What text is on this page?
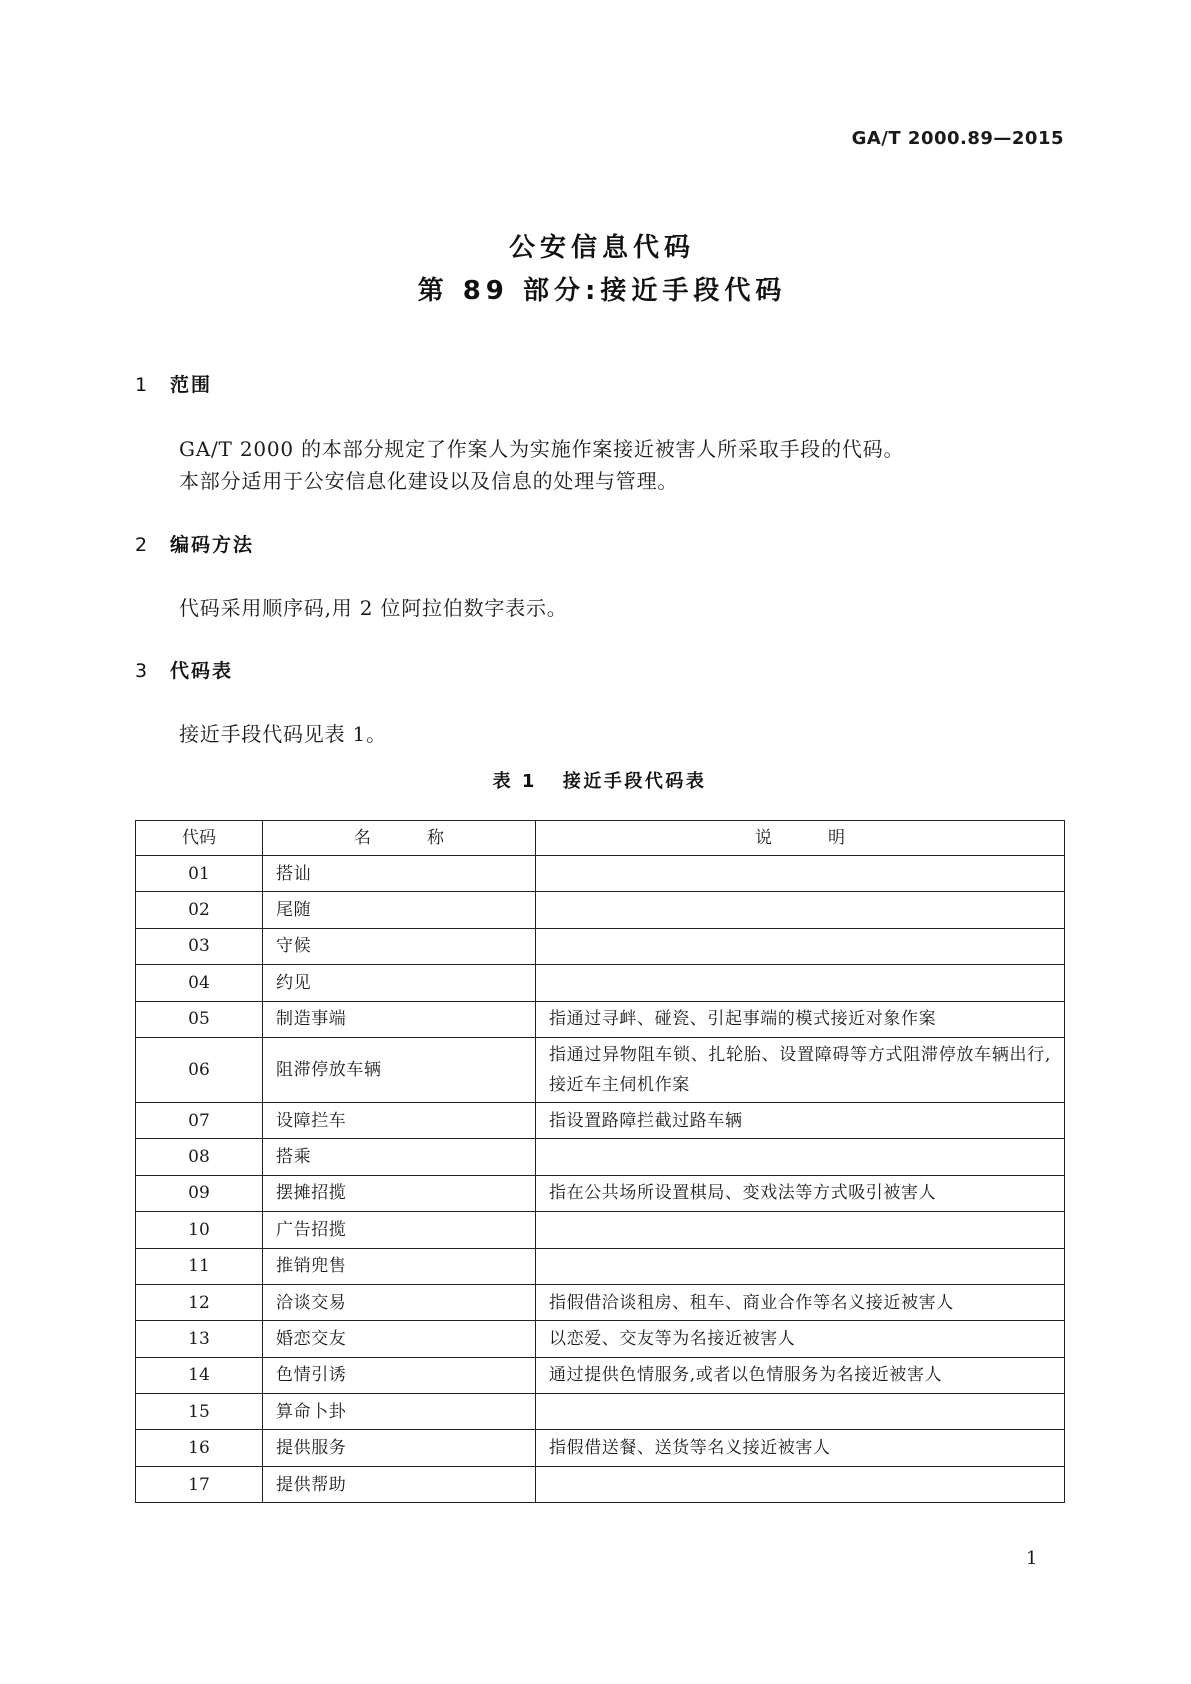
GA/T 2000.89—2015
公安信息代码
第 89 部分:接近手段代码
1 范围
GA/T 2000 的本部分规定了作案人为实施作案接近被害人所采取手段的代码。
本部分适用于公安信息化建设以及信息的处理与管理。
2 编码方法
代码采用顺序码,用 2 位阿拉伯数字表示。
3 代码表
接近手段代码见表 1。
表 1 接近手段代码表
代码	名称	说明
01	搭讪	
02	尾随	
03	守候	
04	约见	
05	制造事端	指通过寻衅、碰瓷、引起事端的模式接近对象作案
06	阻滞停放车辆	指通过异物阻车锁、扎轮胎、设置障碍等方式阻滞停放车辆出行,接近车主伺机作案
07	设障拦车	指设置路障拦截过路车辆
08	搭乘	
09	摆摊招揽	指在公共场所设置棋局、变戏法等方式吸引被害人
10	广告招揽	
11	推销兜售	
12	洽谈交易	指假借洽谈租房、租车、商业合作等名义接近被害人
13	婚恋交友	以恋爱、交友等为名接近被害人
14	色情引诱	通过提供色情服务,或者以色情服务为名接近被害人
15	算命卜卦	
16	提供服务	指假借送餐、送货等名义接近被害人
17	提供帮助	
1
